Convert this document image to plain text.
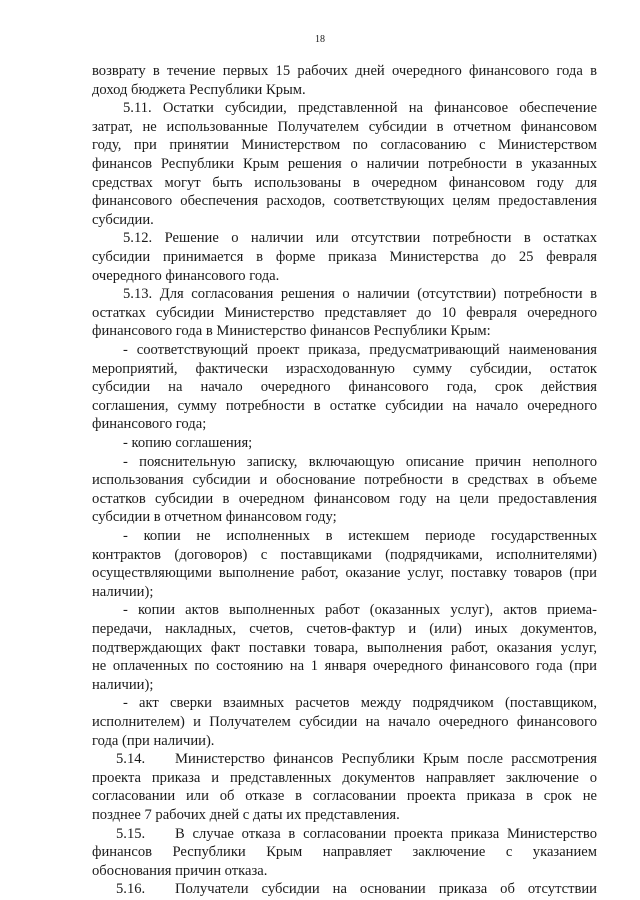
18
возврату в течение первых 15 рабочих дней очередного финансового года в
доход бюджета Республики Крым.
5.11. Остатки субсидии, представленной на финансовое обеспечение
затрат, не использованные Получателем субсидии в отчетном финансовом
году, при принятии Министерством по согласованию с Министерством
финансов Республики Крым решения о наличии потребности в указанных
средствах могут быть использованы в очередном финансовом году для
финансового обеспечения расходов, соответствующих целям предоставления
субсидии.
5.12. Решение о наличии или отсутствии потребности в остатках
субсидии принимается в форме приказа Министерства до 25 февраля
очередного финансового года.
5.13. Для согласования решения о наличии (отсутствии) потребности в
остатках субсидии Министерство представляет до 10 февраля очередного
финансового года в Министерство финансов Республики Крым:
- соответствующий проект приказа, предусматривающий наименования
мероприятий, фактически израсходованную сумму субсидии, остаток
субсидии на начало очередного финансового года, срок действия
соглашения, сумму потребности в остатке субсидии на начало очередного
финансового года;
- копию соглашения;
- пояснительную записку, включающую описание причин неполного
использования субсидии и обоснование потребности в средствах в объеме
остатков субсидии в очередном финансовом году на цели предоставления
субсидии в отчетном финансовом году;
- копии не исполненных в истекшем периоде государственных
контрактов (договоров) с поставщиками (подрядчиками, исполнителями)
осуществляющими выполнение работ, оказание услуг, поставку товаров (при
наличии);
- копии актов выполненных работ (оказанных услуг), актов приема-
передачи, накладных, счетов, счетов-фактур и (или) иных документов,
подтверждающих факт поставки товара, выполнения работ, оказания услуг,
не оплаченных по состоянию на 1 января очередного финансового года (при
наличии);
- акт сверки взаимных расчетов между подрядчиком (поставщиком,
исполнителем) и Получателем субсидии на начало очередного финансового
года (при наличии).
5.14.	Министерство финансов Республики Крым после рассмотрения
проекта приказа и представленных документов направляет заключение о
согласовании или об отказе в согласовании проекта приказа в срок не
позднее 7 рабочих дней с даты их представления.
5.15.	В случае отказа в согласовании проекта приказа Министерство
финансов Республики Крым направляет заключение с указанием
обоснования причин отказа.
5.16.	Получатели субсидии на основании приказа об отсутствии
